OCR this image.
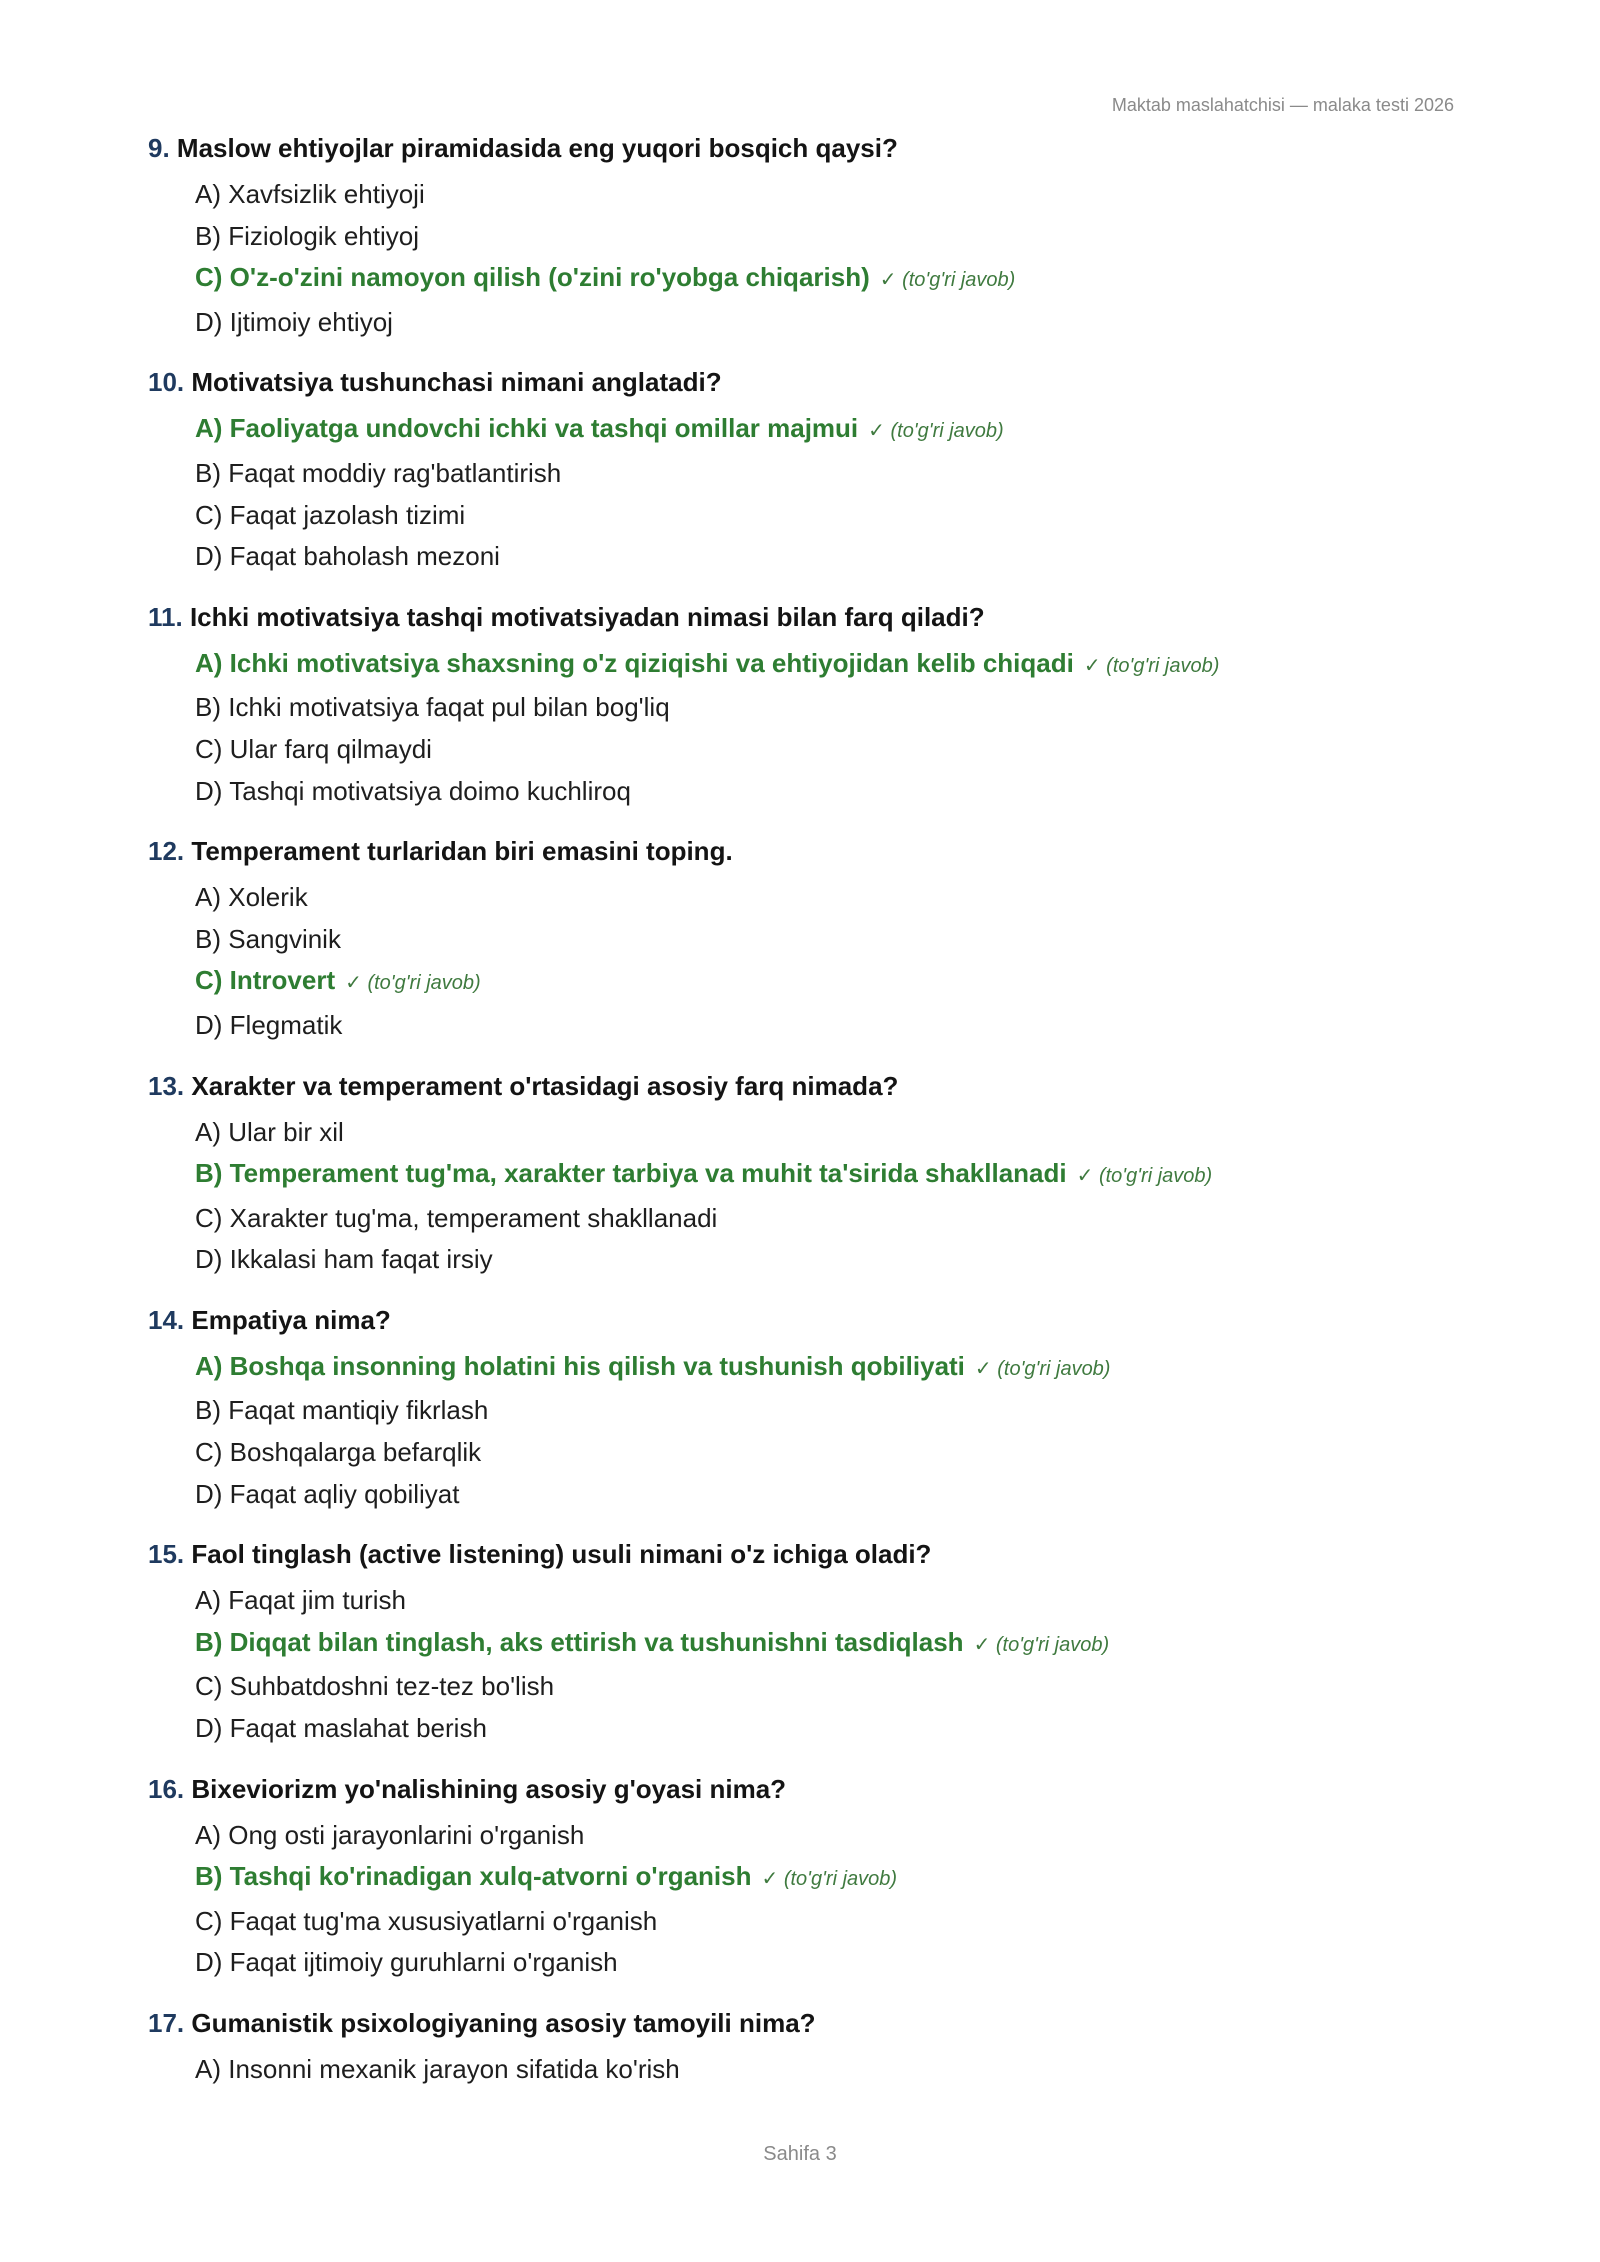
Maktab maslahatchisi — malaka testi 2026
9. Maslow ehtiyojlar piramidasida eng yuqori bosqich qaysi?
A) Xavfsizlik ehtiyoji
B) Fiziologik ehtiyoj
C) O'z-o'zini namoyon qilish (o'zini ro'yobga chiqarish) ✓ (to'g'ri javob)
D) Ijtimoiy ehtiyoj
10. Motivatsiya tushunchasi nimani anglatadi?
A) Faoliyatga undovchi ichki va tashqi omillar majmui ✓ (to'g'ri javob)
B) Faqat moddiy rag'batlantirish
C) Faqat jazolash tizimi
D) Faqat baholash mezoni
11. Ichki motivatsiya tashqi motivatsiyadan nimasi bilan farq qiladi?
A) Ichki motivatsiya shaxsning o'z qiziqishi va ehtiyojidan kelib chiqadi ✓ (to'g'ri javob)
B) Ichki motivatsiya faqat pul bilan bog'liq
C) Ular farq qilmaydi
D) Tashqi motivatsiya doimo kuchliroq
12. Temperament turlaridan biri emasini toping.
A) Xolerik
B) Sangvinik
C) Introvert ✓ (to'g'ri javob)
D) Flegmatik
13. Xarakter va temperament o'rtasidagi asosiy farq nimada?
A) Ular bir xil
B) Temperament tug'ma, xarakter tarbiya va muhit ta'sirida shakllanadi ✓ (to'g'ri javob)
C) Xarakter tug'ma, temperament shakllanadi
D) Ikkalasi ham faqat irsiy
14. Empatiya nima?
A) Boshqa insonning holatini his qilish va tushunish qobiliyati ✓ (to'g'ri javob)
B) Faqat mantiqiy fikrlash
C) Boshqalarga befarqlik
D) Faqat aqliy qobiliyat
15. Faol tinglash (active listening) usuli nimani o'z ichiga oladi?
A) Faqat jim turish
B) Diqqat bilan tinglash, aks ettirish va tushunishni tasdiqlash ✓ (to'g'ri javob)
C) Suhbatdoshni tez-tez bo'lish
D) Faqat maslahat berish
16. Bixeviorizm yo'nalishining asosiy g'oyasi nima?
A) Ong osti jarayonlarini o'rganish
B) Tashqi ko'rinadigan xulq-atvorni o'rganish ✓ (to'g'ri javob)
C) Faqat tug'ma xususiyatlarni o'rganish
D) Faqat ijtimoiy guruhlarni o'rganish
17. Gumanistik psixologiyaning asosiy tamoyili nima?
A) Insonni mexanik jarayon sifatida ko'rish
Sahifa 3
